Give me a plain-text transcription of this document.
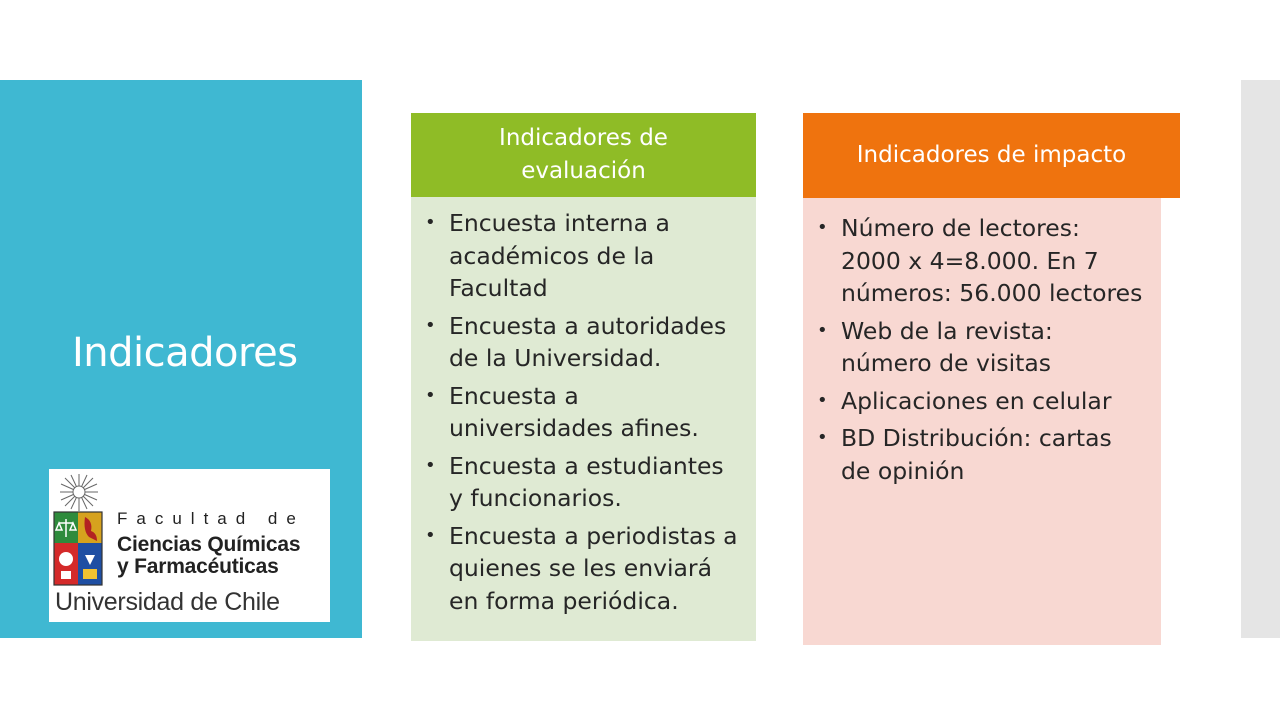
Indicadores
Facultad de
Ciencias Químicas
y Farmacéuticas
Universidad de Chile
Indicadores de evaluación
• Encuesta interna a académicos de la Facultad
• Encuesta a autoridades de la Universidad.
• Encuesta a universidades afines.
• Encuesta a estudiantes y funcionarios.
• Encuesta a periodistas a quienes se les enviará en forma periódica.
Indicadores de impacto
• Número de lectores: 2000 x 4=8.000. En 7 números: 56.000 lectores
• Web de la revista: número de visitas
• Aplicaciones en celular
• BD Distribución: cartas de opinión
